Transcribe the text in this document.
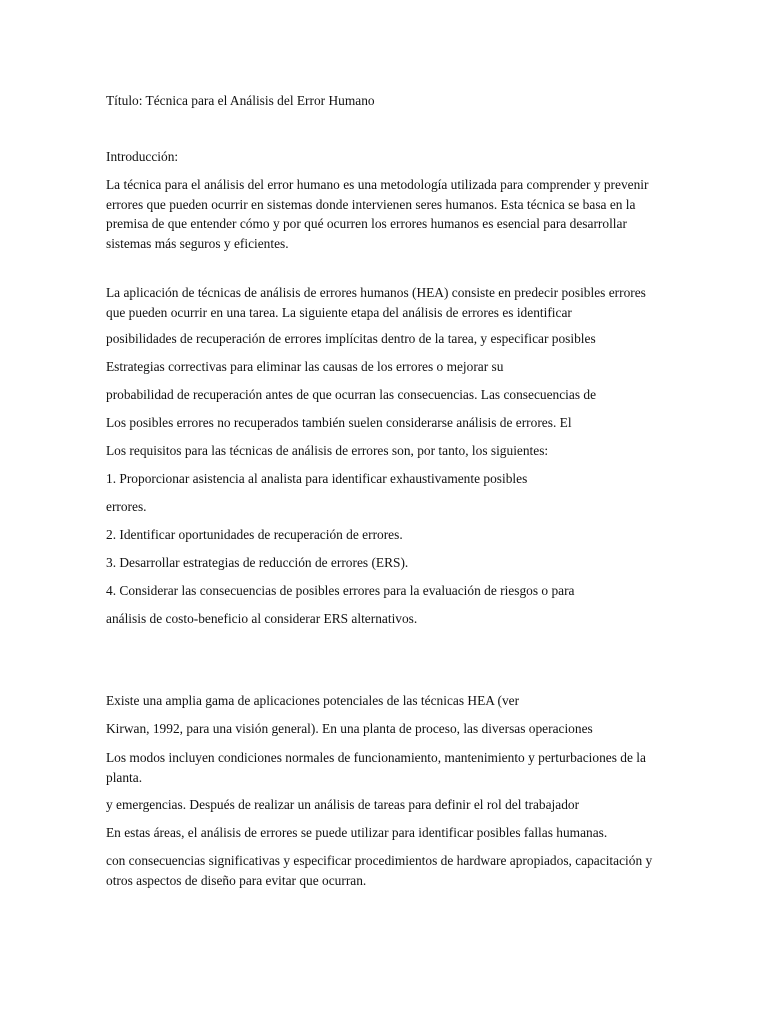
Título: Técnica para el Análisis del Error Humano
Introducción:
La técnica para el análisis del error humano es una metodología utilizada para comprender y prevenir errores que pueden ocurrir en sistemas donde intervienen seres humanos. Esta técnica se basa en la premisa de que entender cómo y por qué ocurren los errores humanos es esencial para desarrollar sistemas más seguros y eficientes.
La aplicación de técnicas de análisis de errores humanos (HEA) consiste en predecir posibles errores que pueden ocurrir en una tarea. La siguiente etapa del análisis de errores es identificar
posibilidades de recuperación de errores implícitas dentro de la tarea, y especificar posibles
Estrategias correctivas para eliminar las causas de los errores o mejorar su
probabilidad de recuperación antes de que ocurran las consecuencias. Las consecuencias de
Los posibles errores no recuperados también suelen considerarse análisis de errores. El
Los requisitos para las técnicas de análisis de errores son, por tanto, los siguientes:
1. Proporcionar asistencia al analista para identificar exhaustivamente posibles
errores.
2. Identificar oportunidades de recuperación de errores.
3. Desarrollar estrategias de reducción de errores (ERS).
4. Considerar las consecuencias de posibles errores para la evaluación de riesgos o para
análisis de costo-beneficio al considerar ERS alternativos.
Existe una amplia gama de aplicaciones potenciales de las técnicas HEA (ver
Kirwan, 1992, para una visión general). En una planta de proceso, las diversas operaciones
Los modos incluyen condiciones normales de funcionamiento, mantenimiento y perturbaciones de la planta.
y emergencias. Después de realizar un análisis de tareas para definir el rol del trabajador
En estas áreas, el análisis de errores se puede utilizar para identificar posibles fallas humanas.
con consecuencias significativas y especificar procedimientos de hardware apropiados, capacitación y otros aspectos de diseño para evitar que ocurran.
